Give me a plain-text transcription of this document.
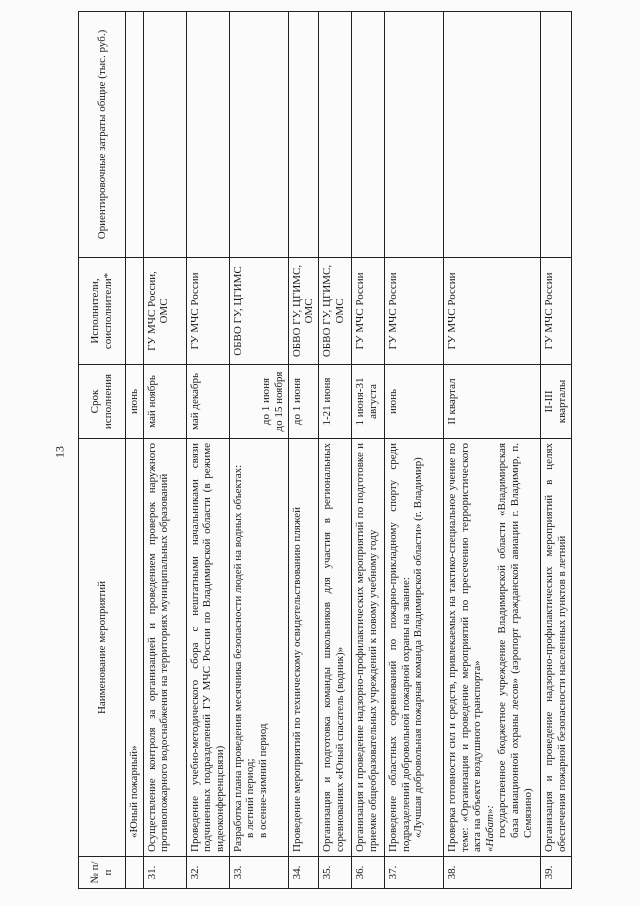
13
№ п/п	Наименование мероприятий	Срок исполнения	Исполнители, соисполнители*	Ориентировочные затраты общие (тыс. руб.)
	«Юный пожарный»	июнь		
31.	Осуществление контроля за организацией и проведением проверок наружного противопожарного водоснабжения на территориях муниципальных образований	май ноябрь	ГУ МЧС России, ОМС	
32.	Проведение учебно-методического сбора с нештатными начальниками связи подчиненных подразделений ГУ МЧС России по Владимирской области (в режиме видеоконференцсвязи)	май декабрь	ГУ МЧС России	
33.	Разработка плана проведения месячника безопасности людей на водных объектах: в летний период; в осенне-зимний период	до 1 июня до 15 ноября	ОБВО ГУ, ЦГИМС	
34.	Проведение мероприятий по техническому освидетельствованию пляжей	до 1 июня	ОБВО ГУ, ЦГИМС, ОМС	
35.	Организация и подготовка команды школьников для участия в региональных соревнованиях «Юный спасатель (водник)»	1-21 июня	ОБВО ГУ, ЦГИМС, ОМС	
36.	Организация и проведение надзорно-профилактических мероприятий по подготовке и приемке общеобразовательных учреждений к новому учебному году	1 июня-31 августа	ГУ МЧС России	
37.	Проведение областных соревнований по пожарно-прикладному спорту среди подразделений добровольной пожарной охраны на звание: «Лучшая добровольная пожарная команда Владимирской области» (г. Владимир)	июнь	ГУ МЧС России	
38.	Проверка готовности сил и средств, привлекаемых на тактико-специальное учение по теме: «Организация и проведение мероприятий по пресечению террористического акта на объекте воздушного транспорта» «Набат»: государственное бюджетное учреждение Владимирской области «Владимирская база авиационной охраны лесов» (аэропорт гражданской авиации г. Владимир, п. Семязино)	II квартал	ГУ МЧС России	
39.	Организация и проведение надзорно-профилактических мероприятий в целях обеспечения пожарной безопасности населенных пунктов в летний	II-III кварталы	ГУ МЧС России	
